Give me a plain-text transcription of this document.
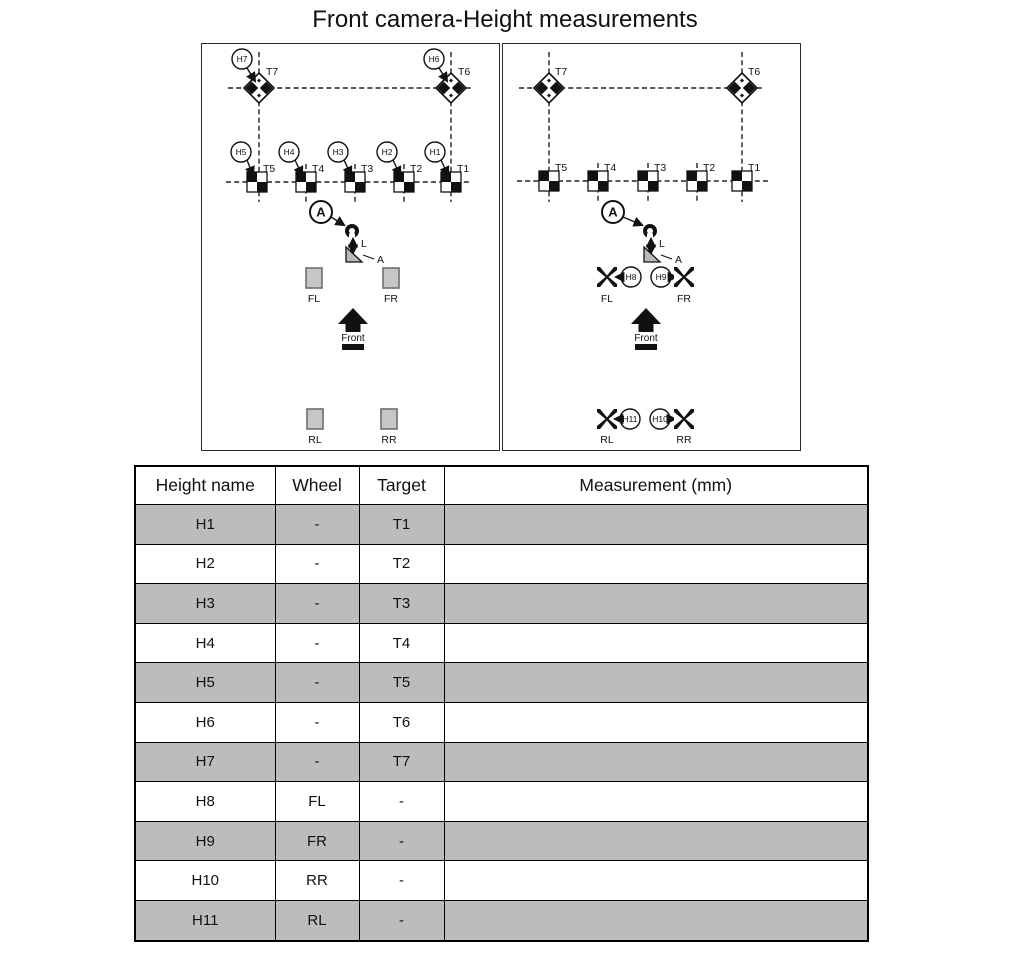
Front camera-Height measurements
T7	T6
H7	H6
T5	T4	T3	T2	T1
H5	H4	H3	H2	H1
A
L
A
FL	FR
Front
RL	RR
T7	T6
T5	T4	T3	T2	T1
A
L
A
H8 H9
FL	FR
Front
H11 H10
RL	RR
Height name	Wheel	Target	Measurement (mm)
H1	-	T1	
H2	-	T2	
H3	-	T3	
H4	-	T4	
H5	-	T5	
H6	-	T6	
H7	-	T7	
H8	FL	-	
H9	FR	-	
H10	RR	-	
H11	RL	-	
